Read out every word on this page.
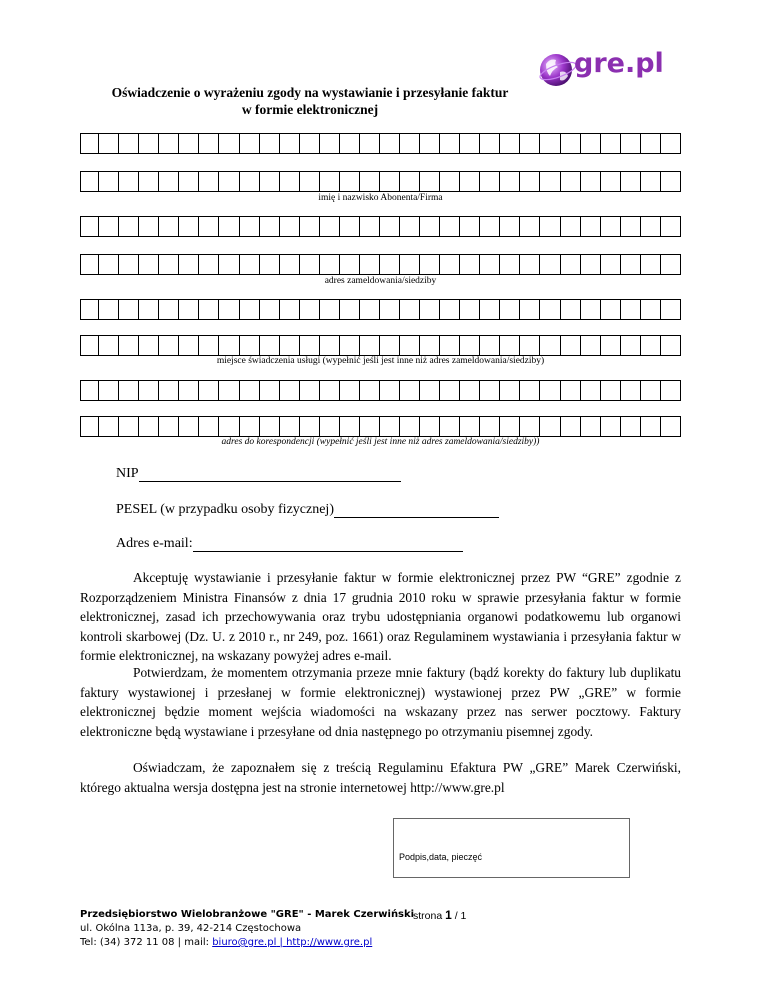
gre.pl
Oświadczenie o wyrażeniu zgody na wystawianie i przesyłanie faktur
w formie elektronicznej
imię i nazwisko Abonenta/Firma
adres zameldowania/siedziby
miejsce świadczenia usługi (wypełnić jeśli jest inne niż adres zameldowania/siedziby)
adres do korespondencji (wypełnić jeśli jest inne niż adres zameldowania/siedziby))
NIP
PESEL (w przypadku osoby fizycznej)
Adres e-mail:

Akceptuję wystawianie i przesyłanie faktur w formie elektronicznej przez PW “GRE” zgodnie z Rozporządzeniem Ministra Finansów z dnia 17 grudnia 2010 roku w sprawie przesyłania faktur w formie elektronicznej, zasad ich przechowywania oraz trybu udostępniania organowi podatkowemu lub organowi kontroli skarbowej (Dz. U. z 2010 r., nr 249, poz. 1661) oraz Regulaminem wystawiania i przesyłania faktur w formie elektronicznej, na wskazany powyżej adres e-mail.

Potwierdzam, że momentem otrzymania przeze mnie faktury (bądź korekty do faktury lub duplikatu faktury wystawionej i przesłanej w formie elektronicznej) wystawionej przez PW „GRE” w formie elektronicznej będzie moment wejścia wiadomości na wskazany przez nas serwer pocztowy. Faktury elektroniczne będą wystawiane i przesyłane od dnia następnego po otrzymaniu pisemnej zgody.

Oświadczam, że zapoznałem się z treścią Regulaminu Efaktura PW „GRE” Marek Czerwiński, którego aktualna wersja dostępna jest na stronie internetowej http://www.gre.pl

Podpis,data, pieczęć
Przedsiębiorstwo Wielobranżowe "GRE" - Marek Czerwiński
ul. Okólna 113a, p. 39, 42-214 Częstochowa
Tel: (34) 372 11 08 | mail: biuro@gre.pl | http://www.gre.pl
strona 1 / 1
